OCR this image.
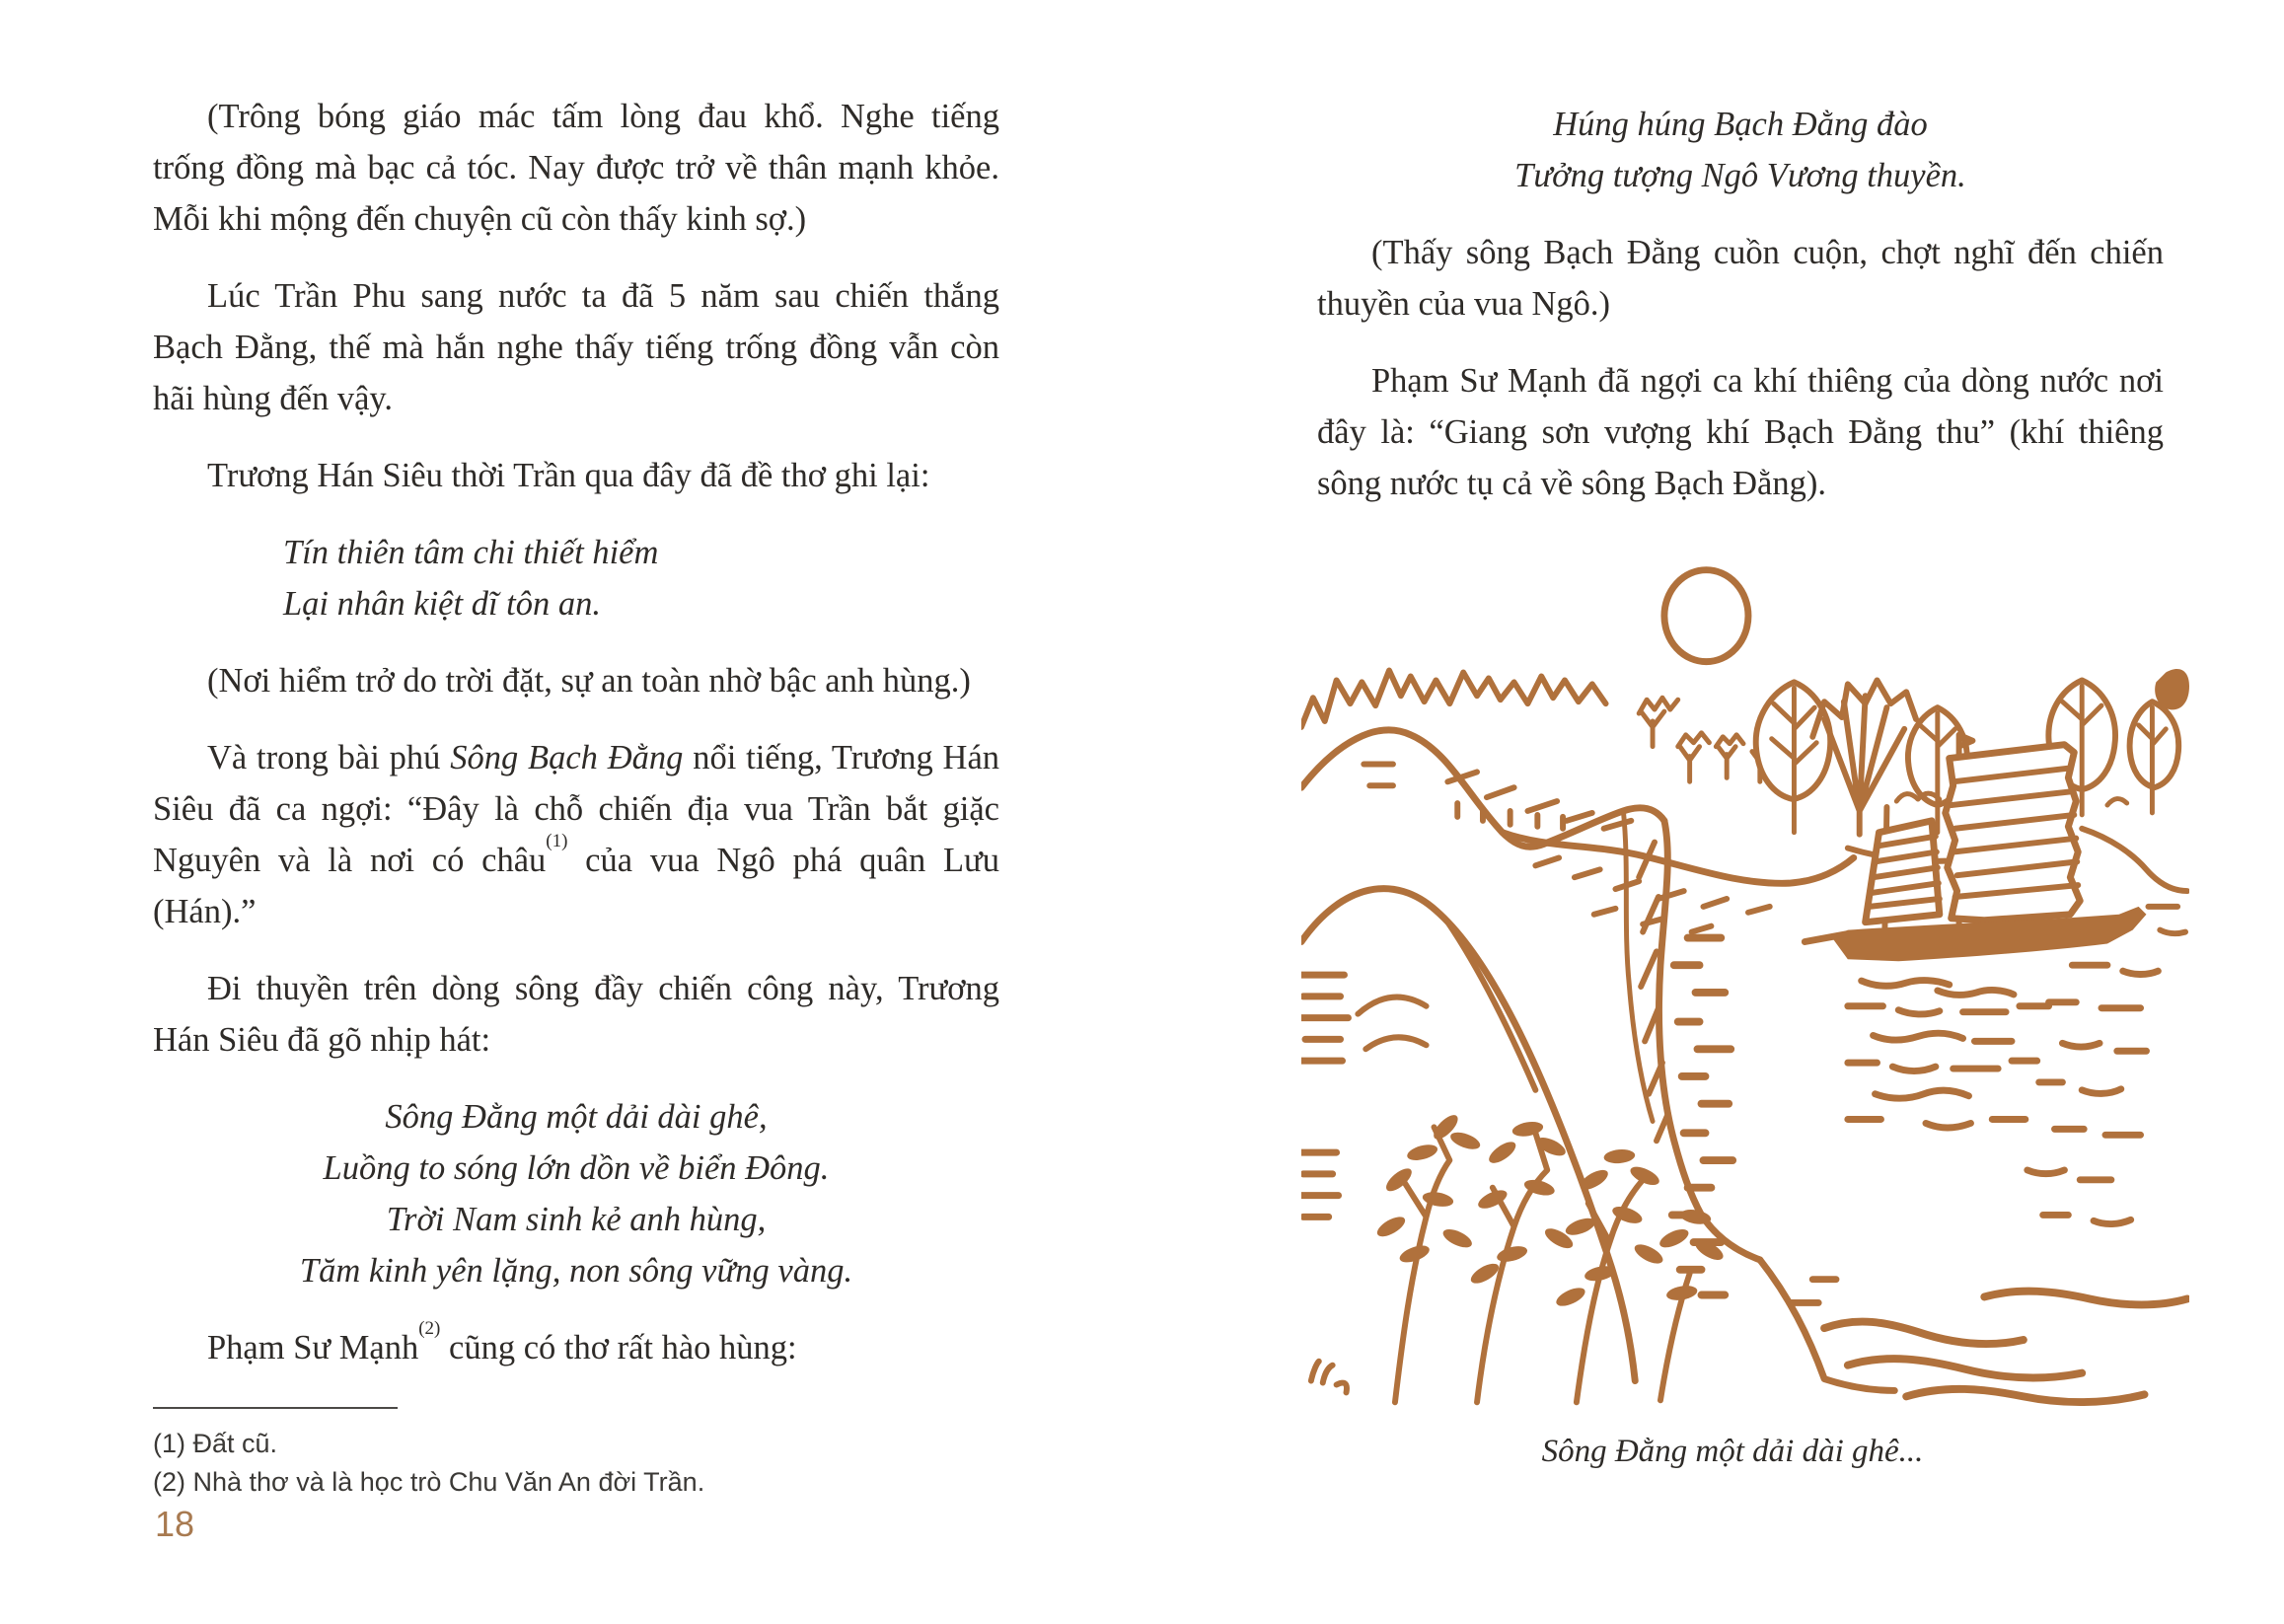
(Trông bóng giáo mác tấm lòng đau khổ. Nghe tiếng trống đồng mà bạc cả tóc. Nay được trở về thân mạnh khỏe. Mỗi khi mộng đến chuyện cũ còn thấy kinh sợ.)

Lúc Trần Phu sang nước ta đã 5 năm sau chiến thắng Bạch Đằng, thế mà hắn nghe thấy tiếng trống đồng vẫn còn hãi hùng đến vậy.

Trương Hán Siêu thời Trần qua đây đã đề thơ ghi lại:

Tín thiên tâm chi thiết hiểm
Lại nhân kiệt dĩ tôn an.

(Nơi hiểm trở do trời đặt, sự an toàn nhờ bậc anh hùng.)

Và trong bài phú Sông Bạch Đằng nổi tiếng, Trương Hán Siêu đã ca ngợi: “Đây là chỗ chiến địa vua Trần bắt giặc Nguyên và là nơi có châu$^{(1)}$ của vua Ngô phá quân Lưu (Hán).”

Đi thuyền trên dòng sông đầy chiến công này, Trương Hán Siêu đã gõ nhịp hát:

Sông Đằng một dải dài ghê,
Luồng to sóng lớn dồn về biển Đông.
Trời Nam sinh kẻ anh hùng,
Tăm kinh yên lặng, non sông vững vàng.

Phạm Sư Mạnh$^{(2)}$ cũng có thơ rất hào hùng:

(1) Đất cũ.
(2) Nhà thơ và là học trò Chu Văn An đời Trần.
Húng húng Bạch Đằng đào
Tưởng tượng Ngô Vương thuyền.

(Thấy sông Bạch Đằng cuồn cuộn, chợt nghĩ đến chiến thuyền của vua Ngô.)

Phạm Sư Mạnh đã ngợi ca khí thiêng của dòng nước nơi đây là: “Giang sơn vượng khí Bạch Đằng thu” (khí thiêng sông nước tụ cả về sông Bạch Đằng).

Sông Đằng một dải dài ghê...
18
